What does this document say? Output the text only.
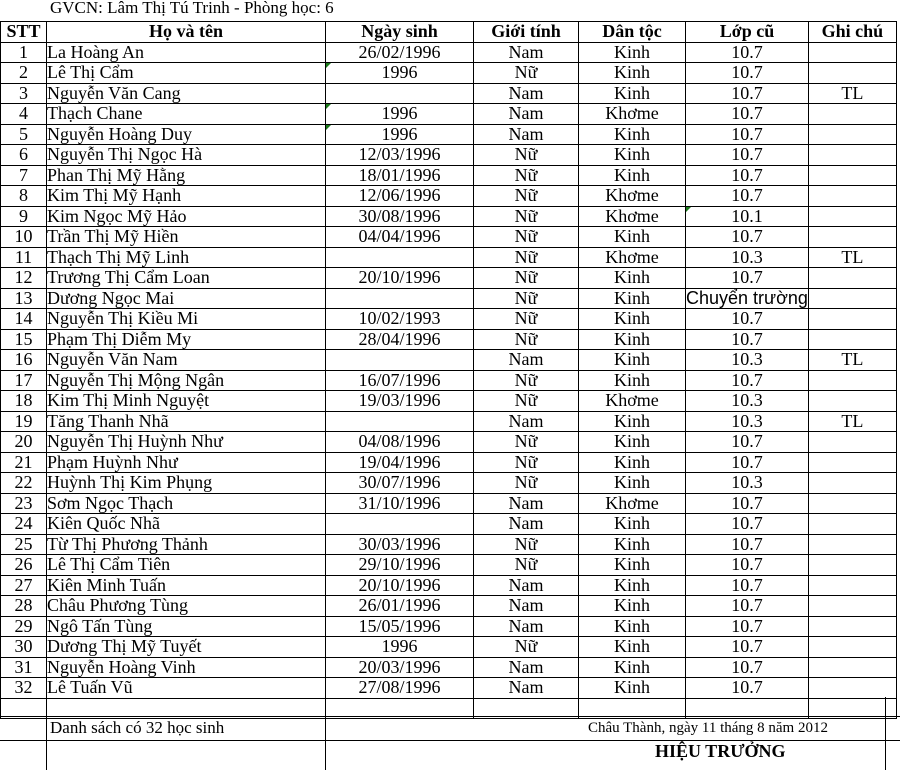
GVCN: Lâm Thị Tú Trinh - Phòng học: 6
STT	Họ và tên	Ngày sinh	Giới tính	Dân tộc	Lớp cũ	Ghi chú
1	La Hoàng An	26/02/1996	Nam	Kinh	10.7	
2	Lê Thị Cẩm	1996	Nữ	Kinh	10.7	
3	Nguyễn Văn Cang		Nam	Kinh	10.7	TL
4	Thạch Chane	1996	Nam	Khơme	10.7	
5	Nguyễn Hoàng Duy	1996	Nam	Kinh	10.7	
6	Nguyễn Thị Ngọc Hà	12/03/1996	Nữ	Kinh	10.7	
7	Phan Thị Mỹ Hằng	18/01/1996	Nữ	Kinh	10.7	
8	Kim Thị Mỹ Hạnh	12/06/1996	Nữ	Khơme	10.7	
9	Kim Ngọc Mỹ Hảo	30/08/1996	Nữ	Khơme	10.1	
10	Trần Thị Mỹ Hiền	04/04/1996	Nữ	Kinh	10.7	
11	Thạch Thị Mỹ Linh		Nữ	Khơme	10.3	TL
12	Trương Thị Cẩm Loan	20/10/1996	Nữ	Kinh	10.7	
13	Dương Ngọc Mai		Nữ	Kinh	Chuyển trường	
14	Nguyễn Thị Kiều Mi	10/02/1993	Nữ	Kinh	10.7	
15	Phạm Thị Diễm My	28/04/1996	Nữ	Kinh	10.7	
16	Nguyễn Văn Nam		Nam	Kinh	10.3	TL
17	Nguyễn Thị Mộng Ngân	16/07/1996	Nữ	Kinh	10.7	
18	Kim Thị Minh Nguyệt	19/03/1996	Nữ	Khơme	10.3	
19	Tăng Thanh Nhã		Nam	Kinh	10.3	TL
20	Nguyễn Thị Huỳnh Như	04/08/1996	Nữ	Kinh	10.7	
21	Phạm Huỳnh Như	19/04/1996	Nữ	Kinh	10.7	
22	Huỳnh Thị Kim Phụng	30/07/1996	Nữ	Kinh	10.3	
23	Sơm Ngọc Thạch	31/10/1996	Nam	Khơme	10.7	
24	Kiên Quốc Nhã		Nam	Kinh	10.7	
25	Từ Thị Phương Thảnh	30/03/1996	Nữ	Kinh	10.7	
26	Lê Thị Cẩm Tiên	29/10/1996	Nữ	Kinh	10.7	
27	Kiên Minh Tuấn	20/10/1996	Nam	Kinh	10.7	
28	Châu Phương Tùng	26/01/1996	Nam	Kinh	10.7	
29	Ngô Tấn Tùng	15/05/1996	Nam	Kinh	10.7	
30	Dương Thị Mỹ Tuyết	1996	Nữ	Kinh	10.7	
31	Nguyễn Hoàng Vinh	20/03/1996	Nam	Kinh	10.7	
32	Lê Tuấn Vũ	27/08/1996	Nam	Kinh	10.7	

Danh sách có 32 học sinh	Châu Thành, ngày 11 tháng 8 năm 2012
HIỆU TRƯỞNG
